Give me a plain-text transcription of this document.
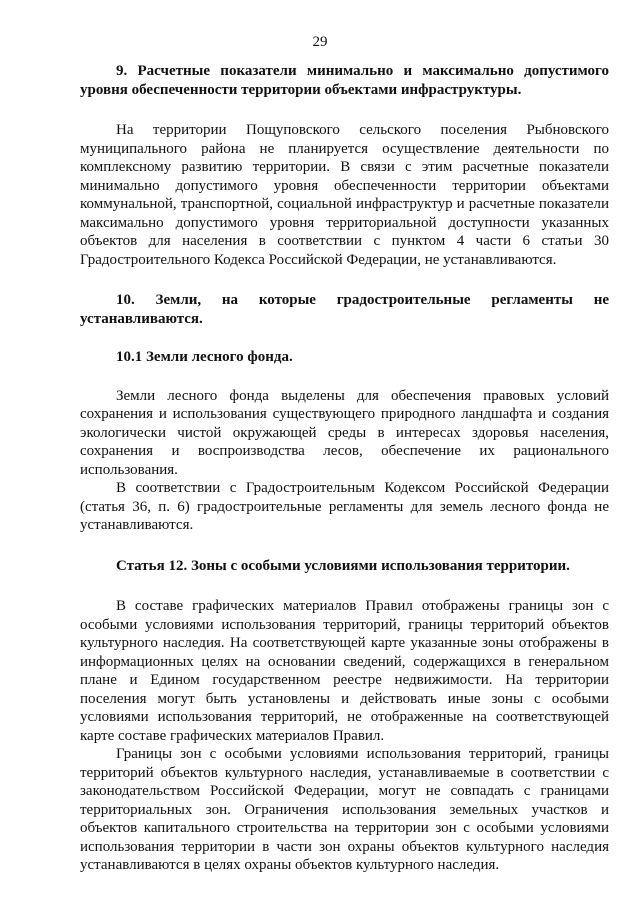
29

9. Расчетные показатели минимально и максимально допустимого уровня обеспеченности территории объектами инфраструктуры.

На территории Пощуповского сельского поселения Рыбновского муниципального района не планируется осуществление деятельности по комплексному развитию территории. В связи с этим расчетные показатели минимально допустимого уровня обеспеченности территории объектами коммунальной, транспортной, социальной инфраструктур и расчетные показатели максимально допустимого уровня территориальной доступности указанных объектов для населения в соответствии с пунктом 4 части 6 статьи 30 Градостроительного Кодекса Российской Федерации, не устанавливаются.

10. Земли, на которые градостроительные регламенты не устанавливаются.

10.1 Земли лесного фонда.

Земли лесного фонда выделены для обеспечения правовых условий сохранения и использования существующего природного ландшафта и создания экологически чистой окружающей среды в интересах здоровья населения, сохранения и воспроизводства лесов, обеспечение их рационального использования.

В соответствии с Градостроительным Кодексом Российской Федерации (статья 36, п. 6) градостроительные регламенты для земель лесного фонда не устанавливаются.

Статья 12. Зоны с особыми условиями использования территории.

В составе графических материалов Правил отображены границы зон с особыми условиями использования территорий, границы территорий объектов культурного наследия. На соответствующей карте указанные зоны отображены в информационных целях на основании сведений, содержащихся в генеральном плане и Едином государственном реестре недвижимости. На территории поселения могут быть установлены и действовать иные зоны с особыми условиями использования территорий, не отображенные на соответствующей карте составе графических материалов Правил.

Границы зон с особыми условиями использования территорий, границы территорий объектов культурного наследия, устанавливаемые в соответствии с законодательством Российской Федерации, могут не совпадать с границами территориальных зон. Ограничения использования земельных участков и объектов капитального строительства на территории зон с особыми условиями использования территории в части зон охраны объектов культурного наследия устанавливаются в целях охраны объектов культурного наследия.
